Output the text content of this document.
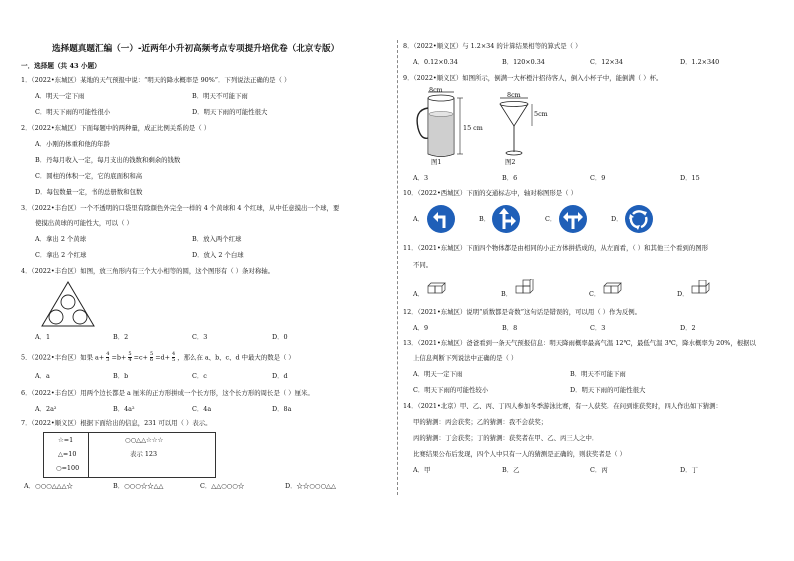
选择题真题汇编（一）-近两年小升初高频考点专项提升培优卷（北京专版）
一．选择题（共 43 小题）
1．（2022•东城区）某地的天气预报中说：“明天的降水概率是 90%”．下列说法正确的是（ ）
A．明天一定下雨	B．明天不可能下雨
C．明天下雨的可能性很小	D．明天下雨的可能性很大
2．（2022•东城区）下面每题中的两种量，成正比例关系的是（ ）
A．小刚的体重和他的年龄
B．丹每月收入一定，每月支出的钱数和剩余的钱数
C．圆柱的体积一定，它的底面积和高
D．每包数量一定，书的总册数和包数
3．（2022•丰台区）一个不透明的口袋里有除颜色外完全一样的 4 个黄球和 4 个红球，从中任意摸出一个球，要
使摸出黄球的可能性大，可以（ ）
A．拿出 2 个黄球	B．放入两个红球
C．拿出 2 个红球	D．放入 2 个白球
4．（2022•丰台区）如图，放三角形内有三个大小相等的圆，这个图形有（ ）条对称轴。
A．1	B．2	C．3	D．0
5．（2022•丰台区）如果 $a+ \frac{4}{3} =b+ \frac{5}{4} =c+ \frac{5}{6} =d+ \frac{4}{5}$ ，那么在 a、b、c、d 中最大的数是（ ）
A．a	B．b	C．c	D．d
6．（2022•丰台区）用两个边长都是 a 厘米的正方形拼成一个长方形，这个长方形的周长是（ ）厘米。
A．2a²	B．4a²	C．4a	D．8a
7．（2022•顺义区）根据下面给出的信息，231 可以用（ ）表示。
☆=1
△=10
○=100
○○△△☆☆☆
表示 123
A．○○○△△△☆	B．○○○☆☆△△	C．△△○○○☆	D．☆☆○○○△△
8．（2022•顺义区）与 1.2×34 的计算结果相等的算式是（ ）
A．0.12×0.34	B．120×0.34	C．12×34	D．1.2×340
9．（2022•顺义区）如图所示，倒满一大杯橙汁招待客人，倒入小杯子中，能倒满（ ）杯。
8cm
15 cm
图1
8cm
5cm
图2
A．3	B．6	C．9	D．15
10．（2022•西城区）下面的交通标志中，轴对称图形是（ ）
A．	B．	C．	D．
11．（2021•东城区）下面四个物体都是由相同的小正方体拼搭成的，从左面看，（ ）和其他三个看到的图形
不同。
A．	B．	C．	D．
12．（2021•东城区）说明“质数都是奇数”这句话是错误的，可以用（ ）作为反例。
A．9	B．8	C．3	D．2
13．（2021•东城区）爸爸看到一条天气预报信息：明天降雨概率最高气温 12℃，最低气温 3℃，降水概率为 20%，根据以
上信息判断下列说法中正确的是（ ）
A．明天一定下雨	B．明天不可能下雨
C．明天下雨的可能性较小	D．明天下雨的可能性很大
14．（2021•北京）甲、乙、丙、丁四人参加冬季游泳比赛，有一人获奖．在问到谁获奖时，四人作出如下猜测：
甲的猜测：丙会获奖；乙的猜测：我不会获奖；
丙的猜测：丁会获奖；丁的猜测：获奖者在甲、乙、丙三人之中．
比赛结果公布后发现，四个人中只有一人的猜测是正确的，则获奖者是（ ）
A．甲	B．乙	C．丙	D．丁
